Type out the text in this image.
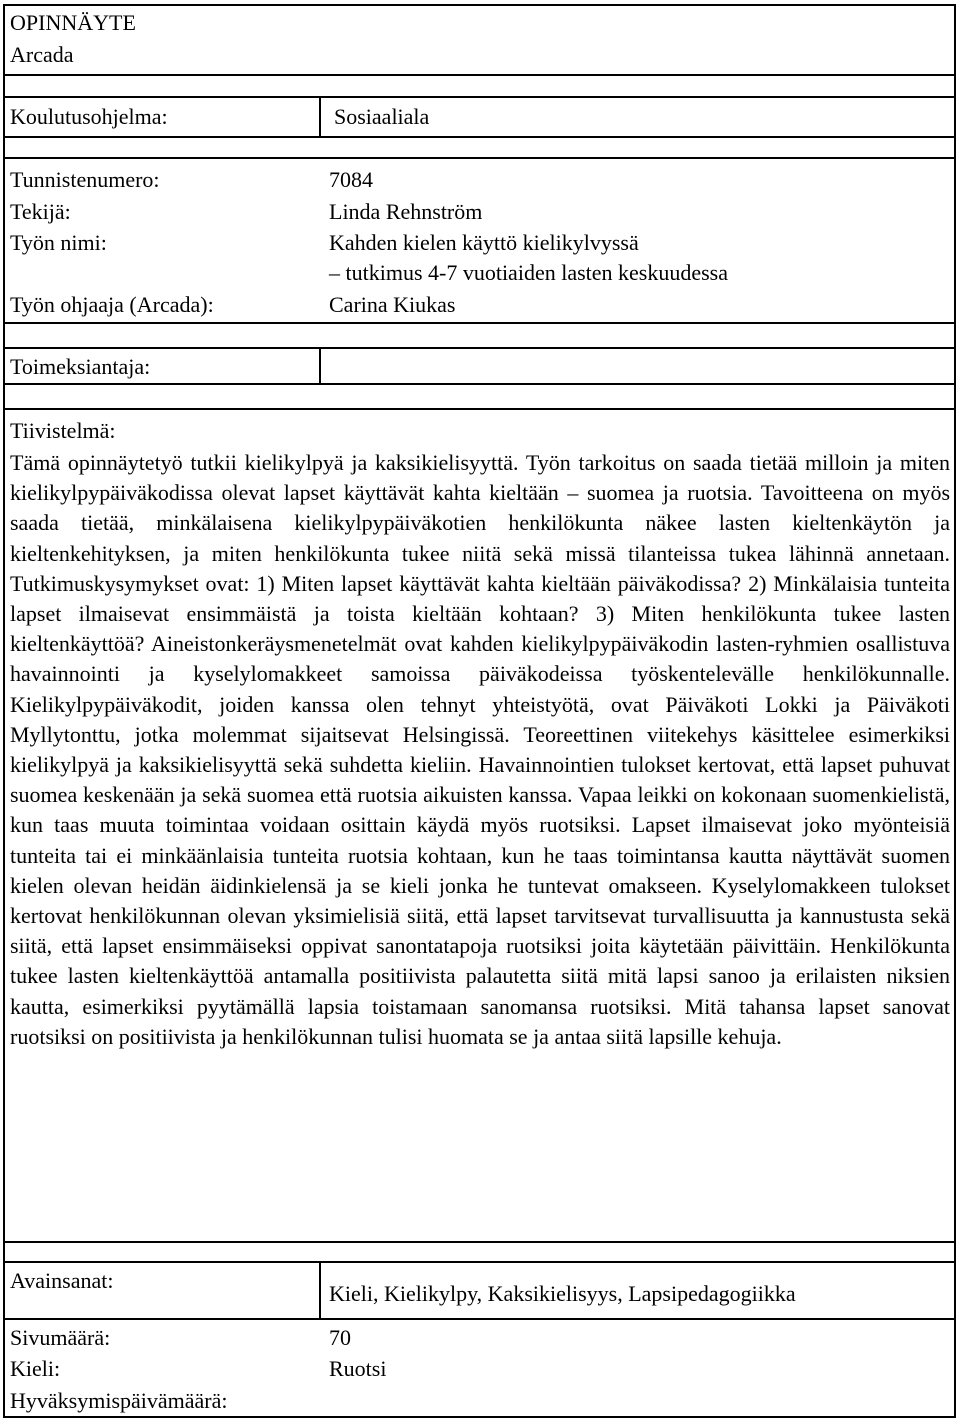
OPINNÄYTE
Arcada
Koulutusohjelma:	Sosiaaliala
Tunnistenumero:	7084
Tekijä:	Linda Rehnström
Työn nimi:	Kahden kielen käyttö kielikylvyssä
– tutkimus 4-7 vuotiaiden lasten keskuudessa
Työn ohjaaja (Arcada):	Carina Kiukas
Toimeksiantaja:
Tiivistelmä:

Tämä opinnäytetyö tutkii kielikylpyä ja kaksikielisyyttä. Työn tarkoitus on saada tietää milloin ja miten kielikylpypäiväkodissa olevat lapset käyttävät kahta kieltään – suomea ja ruotsia. Tavoitteena on myös saada tietää, minkälaisena kielikylpypäiväkotien henkilökunta näkee lasten kieltenkäytön ja kieltenkehityksen, ja miten henkilökunta tukee niitä sekä missä tilanteissa tukea lähinnä annetaan. Tutkimuskysymykset ovat: 1) Miten lapset käyttävät kahta kieltään päiväkodissa? 2) Minkälaisia tunteita lapset ilmaisevat ensimmäistä ja toista kieltään kohtaan? 3) Miten henkilökunta tukee lasten kieltenkäyttöä? Aineistonkeräysmenetelmät ovat kahden kielikylpypäiväkodin lasten-ryhmien osallistuva havainnointi ja kyselylomakkeet samoissa päiväkodeissa työskentelevälle henkilökunnalle. Kielikylpypäiväkodit, joiden kanssa olen tehnyt yhteistyötä, ovat Päiväkoti Lokki ja Päiväkoti Myllytonttu, jotka molemmat sijaitsevat Helsingissä. Teoreettinen viitekehys käsittelee esimerkiksi kielikylpyä ja kaksikielisyyttä sekä suhdetta kieliin. Havainnointien tulokset kertovat, että lapset puhuvat suomea keskenään ja sekä suomea että ruotsia aikuisten kanssa. Vapaa leikki on kokonaan suomenkielistä, kun taas muuta toimintaa voidaan osittain käydä myös ruotsiksi. Lapset ilmaisevat joko myönteisiä tunteita tai ei minkäänlaisia tunteita ruotsia kohtaan, kun he taas toimintansa kautta näyttävät suomen kielen olevan heidän äidinkielensä ja se kieli jonka he tuntevat omakseen. Kyselylomakkeen tulokset kertovat henkilökunnan olevan yksimielisiä siitä, että lapset tarvitsevat turvallisuutta ja kannustusta sekä siitä, että lapset ensimmäiseksi oppivat sanontatapoja ruotsiksi joita käytetään päivittäin. Henkilökunta tukee lasten kieltenkäyttöä antamalla positiivista palautetta siitä mitä lapsi sanoo ja erilaisten niksien kautta, esimerkiksi pyytämällä lapsia toistamaan sanomansa ruotsiksi. Mitä tahansa lapset sanovat ruotsiksi on positiivista ja henkilökunnan tulisi huomata se ja antaa siitä lapsille kehuja.

Avainsanat:
Kieli, Kielikylpy, Kaksikielisyys, Lapsipedagogiikka
Sivumäärä:	70
Kieli:	Ruotsi
Hyväksymispäivämäärä:
